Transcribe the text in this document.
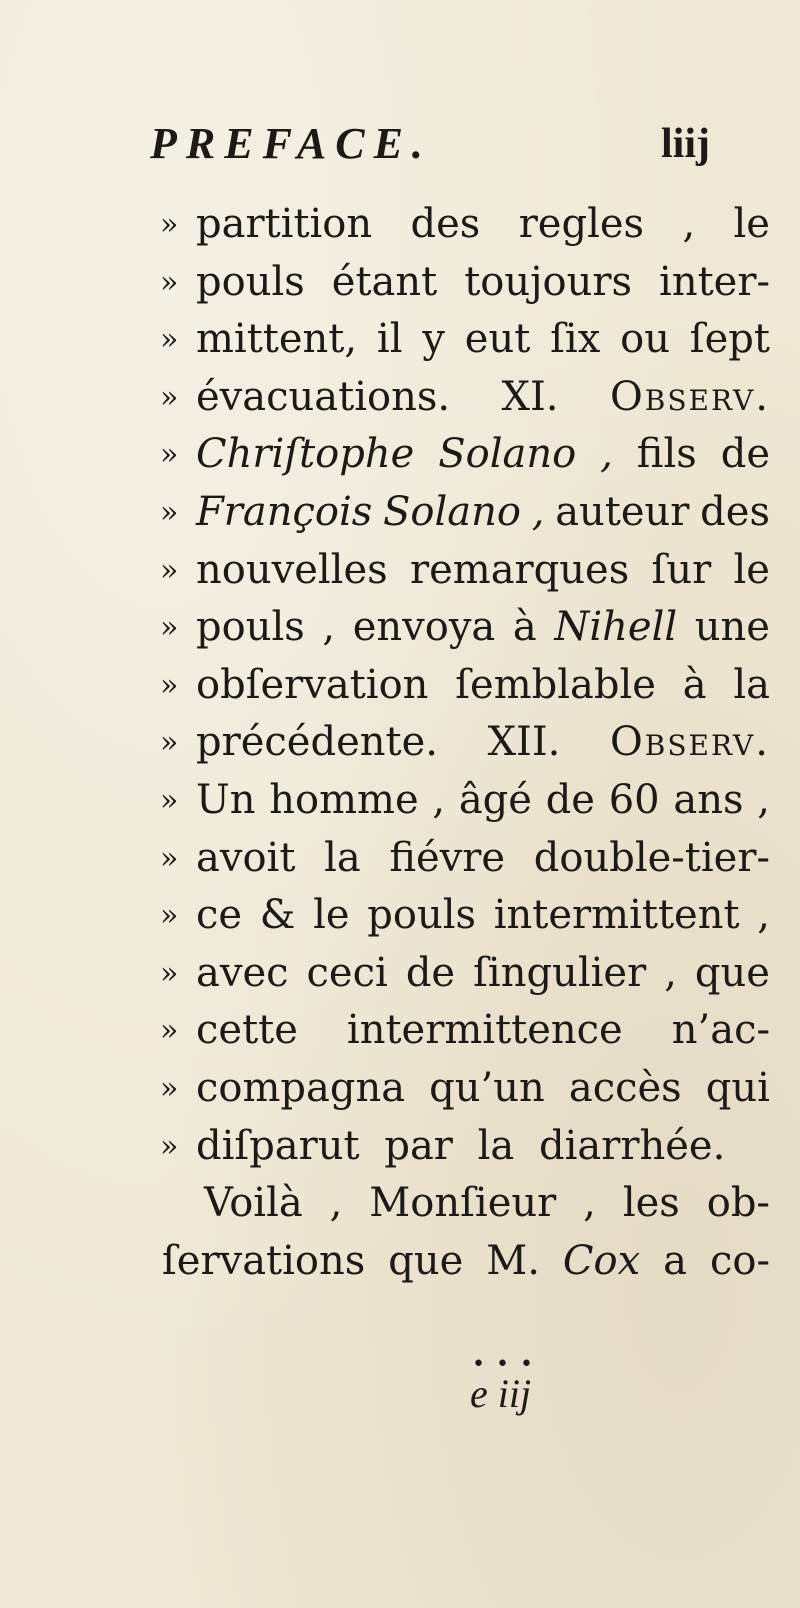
PREFACE.	liij
» partition des regles , le
» pouls étant toujours inter-
» mittent, il y eut ſix ou ſept
» évacuations. XI. Observ.
» Chriſtophe Solano , fils de
» François Solano , auteur des
» nouvelles remarques ſur le
» pouls , envoya à Nihell une
» obſervation ſemblable à la
» précédente. XII. Observ.
» Un homme , âgé de 60 ans ,
» avoit la fiévre double-tier-
» ce & le pouls intermittent ,
» avec ceci de ſingulier , que
» cette intermittence n’ac-
» compagna qu’un accès qui
» diſparut par la diarrhée.
Voilà , Monſieur , les ob-
ſervations que M. Cox a co-
• • •
e iij
